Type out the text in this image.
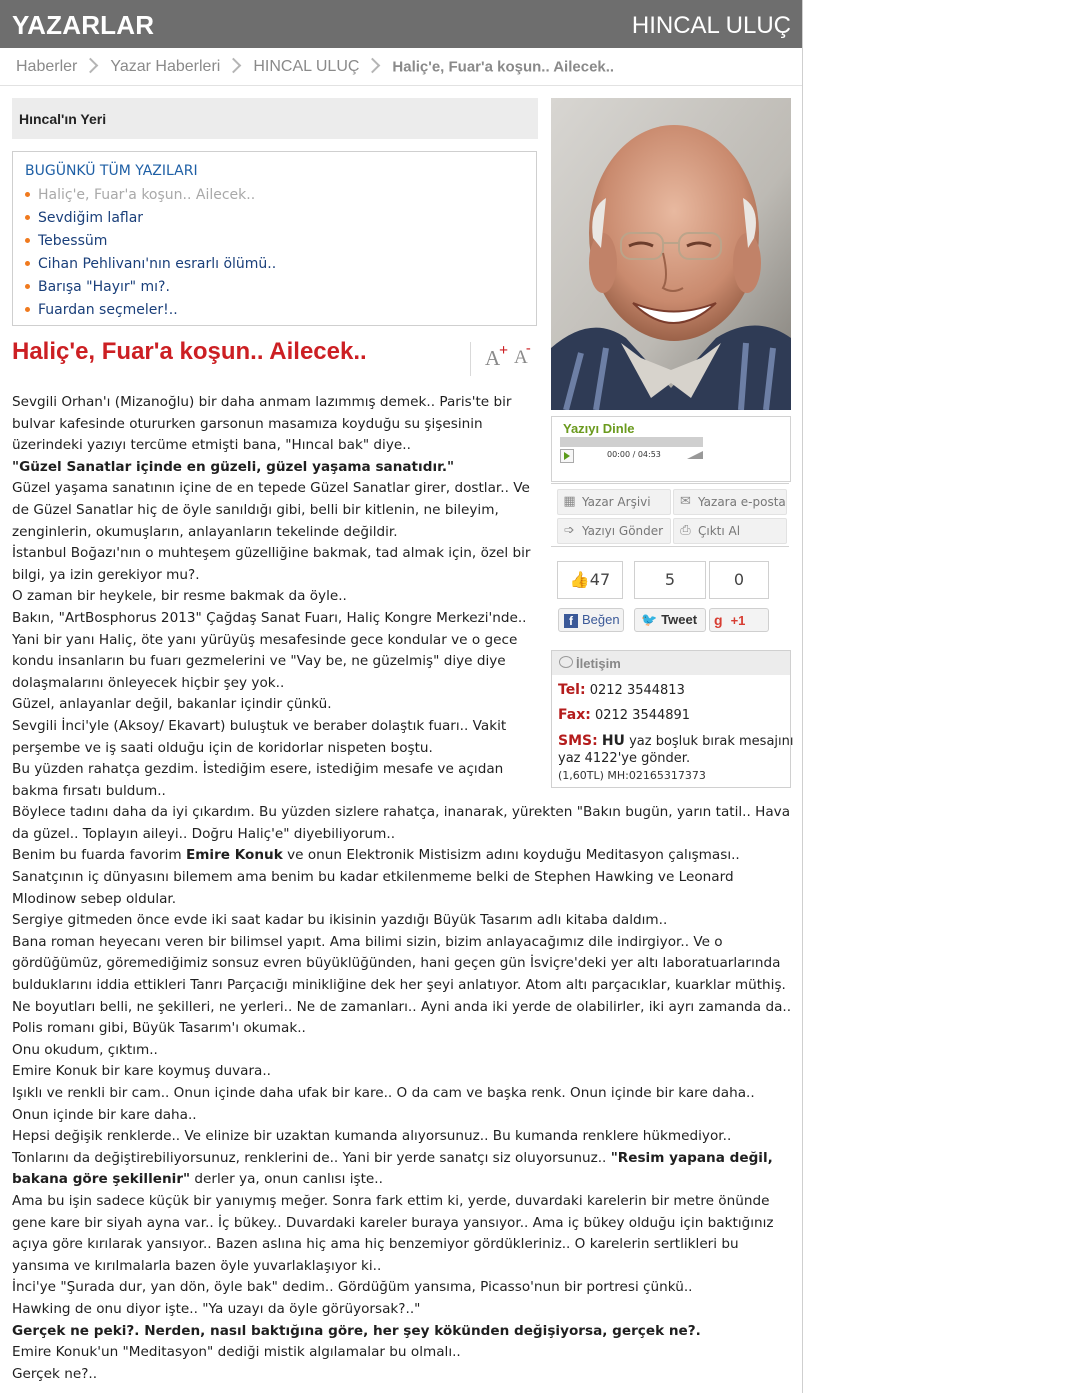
YAZARLAR	HINCAL ULUÇ
Haberler Yazar Haberleri HINCAL ULUÇ Haliç'e, Fuar'a koşun.. Ailecek..
Hıncal'ın Yeri
BUGÜNKÜ TÜM YAZILARI
Haliç'e, Fuar'a koşun.. Ailecek..
Sevdiğim laflar
Tebessüm
Cihan Pehlivanı'nın esrarlı ölümü..
Barışa "Hayır" mı?.
Fuardan seçmeler!..
Haliç'e, Fuar'a koşun.. Ailecek..	A
+ A
-

Sevgili Orhan'ı (Mizanoğlu) bir daha anmam lazımmış demek.. Paris'te bir bulvar kafesinde otururken garsonun masamıza koyduğu su şişesinin üzerindeki yazıyı tercüme etmişti bana, "Hıncal bak" diye..

"Güzel Sanatlar içinde en güzeli, güzel yaşama sanatıdır."

Güzel yaşama sanatının içine de en tepede Güzel Sanatlar girer, dostlar.. Ve de Güzel Sanatlar hiç de öyle sanıldığı gibi, belli bir kitlenin, ne bileyim, zenginlerin, okumuşların, anlayanların tekelinde değildir.

İstanbul Boğazı'nın o muhteşem güzelliğine bakmak, tad almak için, özel bir bilgi, ya izin gerekiyor mu?.

O zaman bir heykele, bir resme bakmak da öyle..

Bakın, "ArtBosphorus 2013" Çağdaş Sanat Fuarı, Haliç Kongre Merkezi'nde.. Yani bir yanı Haliç, öte yanı yürüyüş mesafesinde gece kondular ve o gece kondu insanların bu fuarı gezmelerini ve "Vay be, ne güzelmiş" diye diye dolaşmalarını önleyecek hiçbir şey yok..

Güzel, anlayanlar değil, bakanlar içindir çünkü.

Sevgili İnci'yle (Aksoy/ Ekavart) buluştuk ve beraber dolaştık fuarı.. Vakit perşembe ve iş saati olduğu için de koridorlar nispeten boştu.

Bu yüzden rahatça gezdim. İstediğim esere, istediğim mesafe ve açıdan bakma fırsatı buldum..

Böylece tadını daha da iyi çıkardım. Bu yüzden sizlere rahatça, inanarak, yürekten "Bakın bugün, yarın tatil.. Hava da güzel.. Toplayın aileyi.. Doğru Haliç'e" diyebiliyorum..

Benim bu fuarda favorim Emire Konuk ve onun Elektronik Mistisizm adını koyduğu Meditasyon çalışması..

Sanatçının iç dünyasını bilemem ama benim bu kadar etkilenmeme belki de Stephen Hawking ve Leonard Mlodinow sebep oldular.

Sergiye gitmeden önce evde iki saat kadar bu ikisinin yazdığı Büyük Tasarım adlı kitaba daldım..

Bana roman heyecanı veren bir bilimsel yapıt. Ama bilimi sizin, bizim anlayacağımız dile indirgiyor.. Ve o gördüğümüz, göremediğimiz sonsuz evren büyüklüğünden, hani geçen gün İsviçre'deki yer altı laboratuarlarında bulduklarını iddia ettikleri Tanrı Parçacığı minikliğine dek her şeyi anlatıyor. Atom altı parçacıklar, kuarklar müthiş. Ne boyutları belli, ne şekilleri, ne yerleri.. Ne de zamanları.. Ayni anda iki yerde de olabilirler, iki ayrı zamanda da.. Polis romanı gibi, Büyük Tasarım'ı okumak..

Onu okudum, çıktım..

Emire Konuk bir kare koymuş duvara..

Işıklı ve renkli bir cam.. Onun içinde daha ufak bir kare.. O da cam ve başka renk. Onun içinde bir kare daha.. Onun içinde bir kare daha..

Hepsi değişik renklerde.. Ve elinize bir uzaktan kumanda alıyorsunuz.. Bu kumanda renklere hükmediyor.. Tonlarını da değiştirebiliyorsunuz, renklerini de.. Yani bir yerde sanatçı siz oluyorsunuz.. "Resim yapana değil, bakana göre şekillenir" derler ya, onun canlısı işte..

Ama bu işin sadece küçük bir yanıymış meğer. Sonra fark ettim ki, yerde, duvardaki karelerin bir metre önünde gene kare bir siyah ayna var.. İç bükey.. Duvardaki kareler buraya yansıyor.. Ama iç bükey olduğu için baktığınız açıya göre kırılarak yansıyor.. Bazen aslına hiç ama hiç benzemiyor gördükleriniz.. O karelerin sertlikleri bu yansıma ve kırılmalarla bazen öyle yuvarlaklaşıyor ki..

İnci'ye "Şurada dur, yan dön, öyle bak" dedim.. Gördüğüm yansıma, Picasso'nun bir portresi çünkü..

Hawking de onu diyor işte.. "Ya uzayı da öyle görüyorsak?.."

Gerçek ne peki?. Nerden, nasıl baktığına göre, her şey kökünden değişiyorsa, gerçek ne?.

Emire Konuk'un "Meditasyon" dediği mistik algılamalar bu olmalı..

Gerçek ne?..

Yazıyı Dinle
00:00 / 04:53
▦ Yazar Arşivi ✉ Yazara e-posta
➩ Yazıyı Gönder ⎙ Çıktı Al
👍47	5	0
f Beğen	🐦 Tweet	g +1
İletişim
Tel: 0212 3544813
Fax: 0212 3544891
SMS: HU yaz boşluk bırak mesajını
yaz 4122'ye gönder.
(1,60TL) MH:02165317373
